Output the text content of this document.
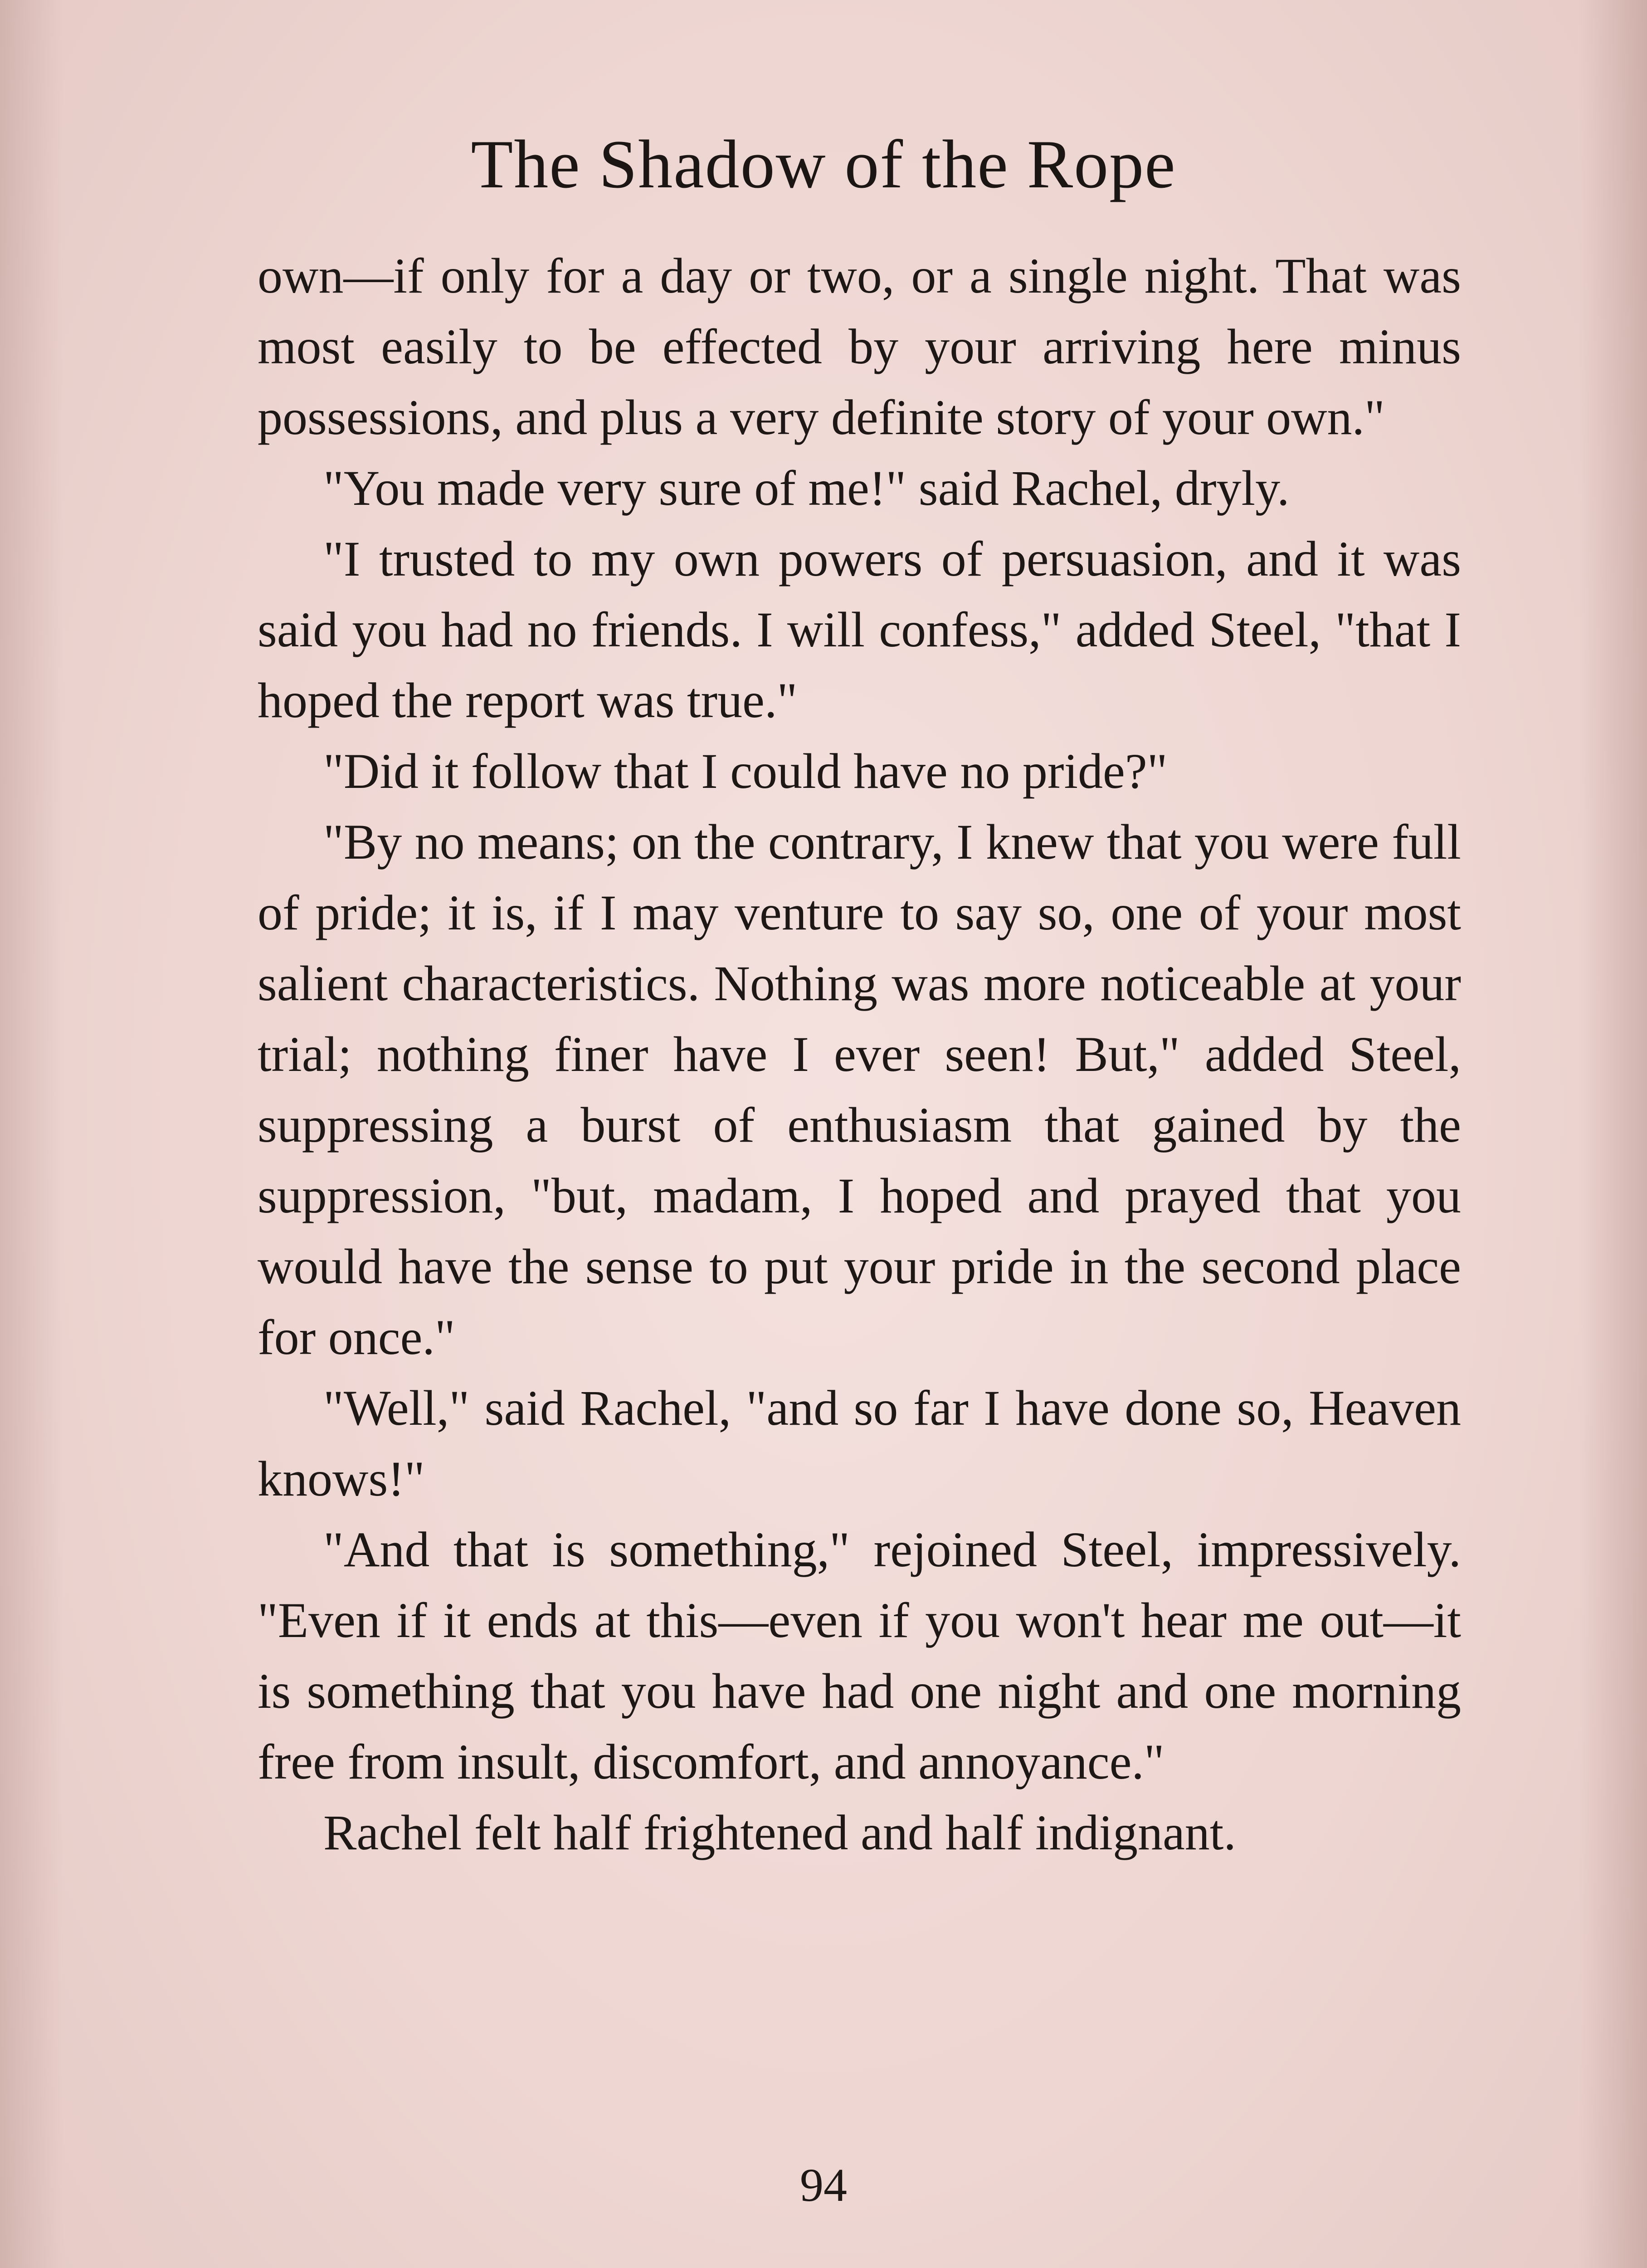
The Shadow of the Rope

own—if only for a day or two, or a single night. That was most easily to be effected by your arriving here minus possessions, and plus a very definite story of your own."

"You made very sure of me!" said Rachel, dryly.

"I trusted to my own powers of persuasion, and it was said you had no friends. I will confess," added Steel, "that I hoped the report was true."

"Did it follow that I could have no pride?"

"By no means; on the contrary, I knew that you were full of pride; it is, if I may venture to say so, one of your most salient characteristics. Nothing was more noticeable at your trial; nothing finer have I ever seen! But," added Steel, suppressing a burst of enthusiasm that gained by the suppression, "but, madam, I hoped and prayed that you would have the sense to put your pride in the second place for once."

"Well," said Rachel, "and so far I have done so, Heaven knows!"

"And that is something," rejoined Steel, impressively. "Even if it ends at this—even if you won't hear me out—it is something that you have had one night and one morning free from insult, discomfort, and annoyance."

Rachel felt half frightened and half indignant.

94
